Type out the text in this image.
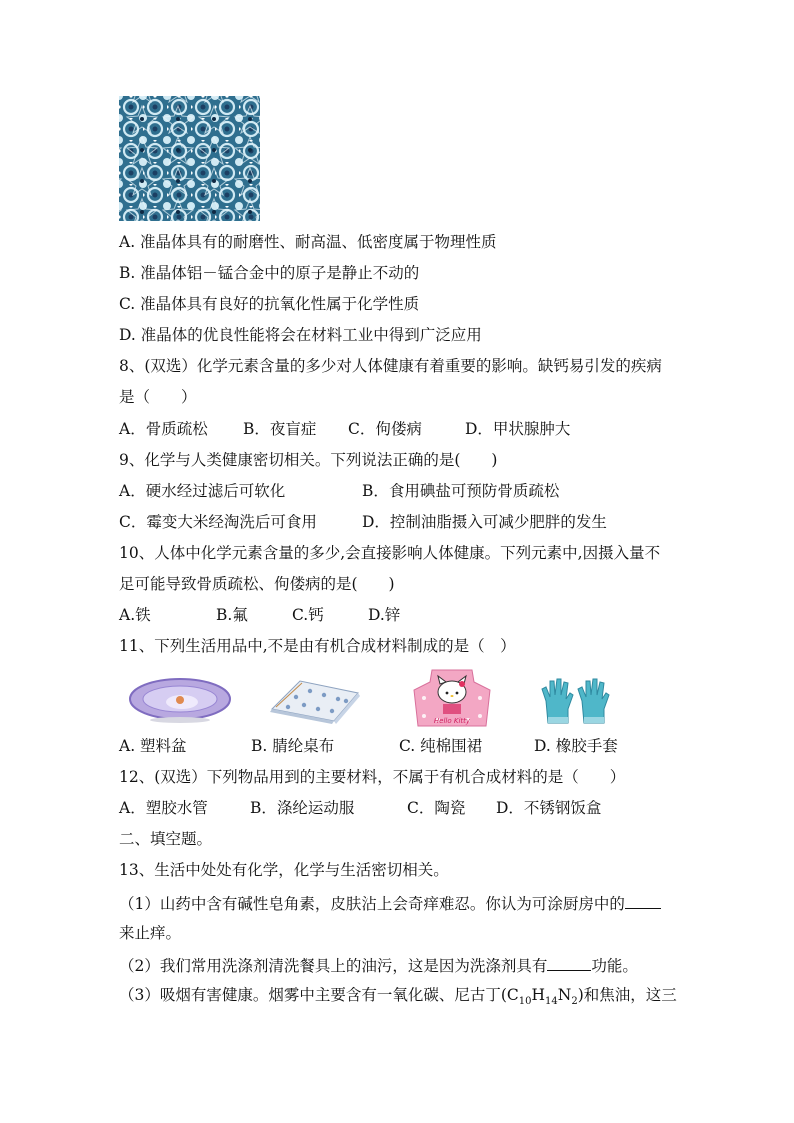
A. 准晶体具有的耐磨性、耐高温、低密度属于物理性质
B. 准晶体铝－锰合金中的原子是静止不动的
C. 准晶体具有良好的抗氧化性属于化学性质
D. 准晶体的优良性能将会在材料工业中得到广泛应用
8、(双选）化学元素含量的多少对人体健康有着重要的影响。缺钙易引发的疾病
是（　　）
A．骨质疏松 B．夜盲症 C．佝偻病	D．甲状腺肿大
9、化学与人类健康密切相关。下列说法正确的是(　　)
A．硬水经过滤后可软化	B．食用碘盐可预防骨质疏松
C．霉变大米经淘洗后可食用	D．控制油脂摄入可减少肥胖的发生
10、人体中化学元素含量的多少,会直接影响人体健康。下列元素中,因摄入量不
足可能导致骨质疏松、佝偻病的是(　　)
A.铁	B.氟	C.钙	D.锌
11、下列生活用品中,不是由有机合成材料制成的是（　）
Hello Kitty
A. 塑料盆	B. 腈纶桌布	C. 纯棉围裙	D. 橡胶手套
12、(双选）下列物品用到的主要材料，不属于有机合成材料的是（　　）
A．塑胶水管	B．涤纶运动服	C．陶瓷 D．不锈钢饭盒
二、填空题。
13、生活中处处有化学，化学与生活密切相关。
（1）山药中含有碱性皂角素，皮肤沾上会奇痒难忍。你认为可涂厨房中的
来止痒。
（2）我们常用洗涤剂清洗餐具上的油污，这是因为洗涤剂具有	功能。
（3）吸烟有害健康。烟雾中主要含有一氧化碳、尼古丁$(C_{10}H_{14}N_2)$和焦油，这三
